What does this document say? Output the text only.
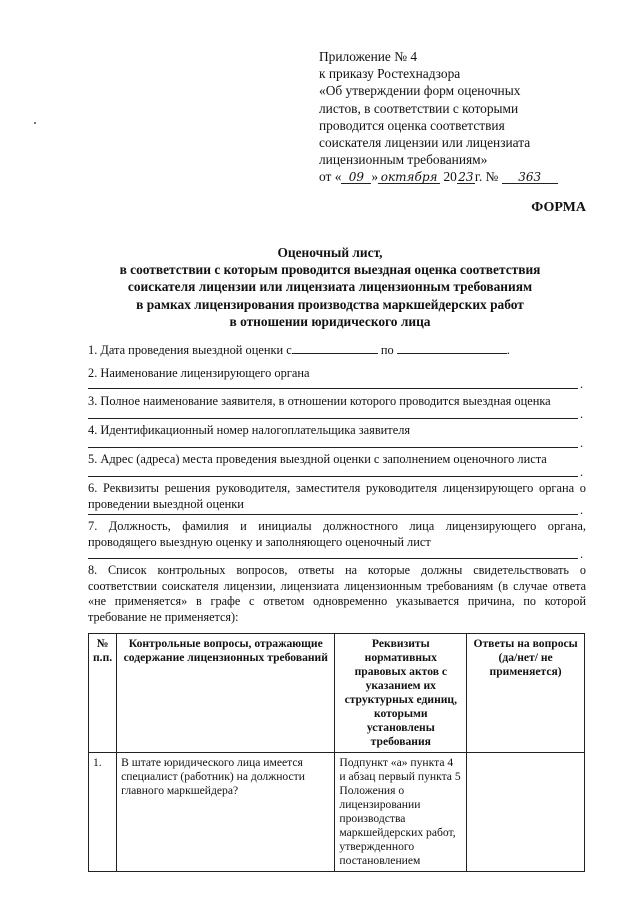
Приложение № 4
к приказу Ростехнадзора
«Об утверждении форм оценочных
листов, в соответствии с которыми
проводится оценка соответствия
соискателя лицензии или лицензиата
лицензионным требованиям»
от « 09 » октября 2023г. № 363
ФОРМА
Оценочный лист,
в соответствии с которым проводится выездная оценка соответствия
соискателя лицензии или лицензиата лицензионным требованиям
в рамках лицензирования производства маркшейдерских работ
в отношении юридического лица
1. Дата проведения выездной оценки с	по	.
2. Наименование лицензирующего органа
.
3. Полное наименование заявителя, в отношении которого проводится выездная оценка
.
4. Идентификационный номер налогоплательщика заявителя
.
5. Адрес (адреса) места проведения выездной оценки с заполнением оценочного листа
.
6. Реквизиты решения руководителя, заместителя руководителя лицензирующего органа о проведении выездной оценки	.
7. Должность, фамилия и инициалы должностного лица лицензирующего органа, проводящего выездную оценку и заполняющего оценочный лист
.
8. Список контрольных вопросов, ответы на которые должны свидетельствовать о соответствии соискателя лицензии, лицензиата лицензионным требованиям (в случае ответа «не применяется» в графе с ответом одновременно указывается причина, по которой требование не применяется):
№ п.п.	Контрольные вопросы, отражающие содержание лицензионных требований	Реквизиты нормативных правовых актов с указанием их структурных единиц, которыми установлены требования	Ответы на вопросы (да/нет/ не применяется)
1.	В штате юридического лица имеется специалист (работник) на должности главного маркшейдера?	Подпункт «а» пункта 4 и абзац первый пункта 5 Положения о лицензировании производства маркшейдерских работ, утвержденного постановлением	
